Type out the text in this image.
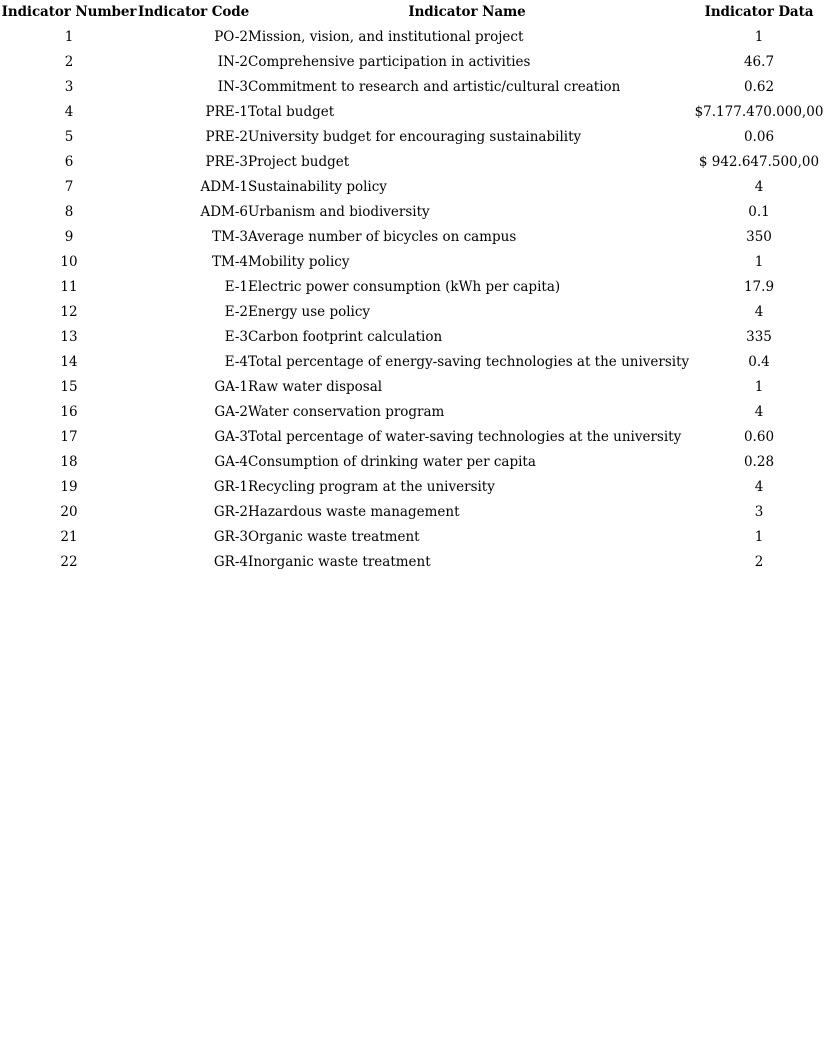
Indicator Number	Indicator Code	Indicator Name	Indicator Data
1	PO-2	Mission, vision, and institutional project	1
2	IN-2	Comprehensive participation in activities	46.7
3	IN-3	Commitment to research and artistic/cultural creation	0.62
4	PRE-1	Total budget	$7.177.470.000,00
5	PRE-2	University budget for encouraging sustainability	0.06
6	PRE-3	Project budget	$ 942.647.500,00
7	ADM-1	Sustainability policy	4
8	ADM-6	Urbanism and biodiversity	0.1
9	TM-3	Average number of bicycles on campus	350
10	TM-4	Mobility policy	1
11	E-1	Electric power consumption (kWh per capita)	17.9
12	E-2	Energy use policy	4
13	E-3	Carbon footprint calculation	335
14	E-4	Total percentage of energy-saving technologies at the university	0.4
15	GA-1	Raw water disposal	1
16	GA-2	Water conservation program	4
17	GA-3	Total percentage of water-saving technologies at the university	0.60
18	GA-4	Consumption of drinking water per capita	0.28
19	GR-1	Recycling program at the university	4
20	GR-2	Hazardous waste management	3
21	GR-3	Organic waste treatment	1
22	GR-4	Inorganic waste treatment	2
